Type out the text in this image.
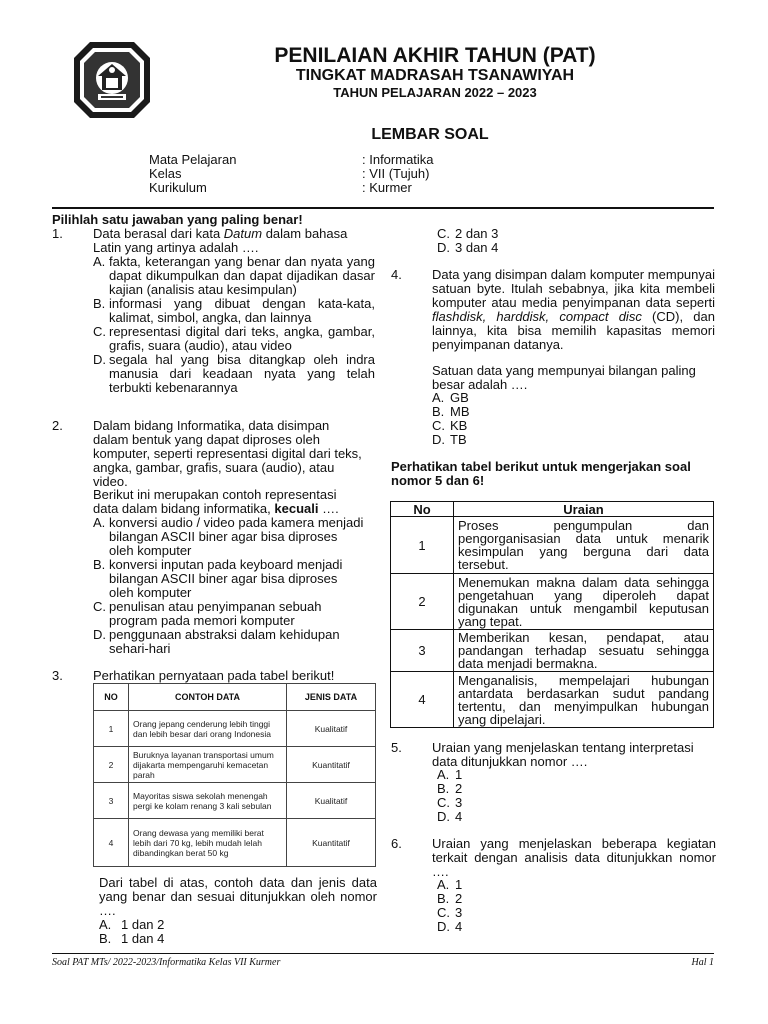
PENILAIAN AKHIR TAHUN (PAT)
TINGKAT MADRASAH TSANAWIYAH
TAHUN PELAJARAN 2022 – 2023
LEMBAR SOAL
Mata Pelajaran	: Informatika
Kelas	: VII (Tujuh)
Kurikulum	: Kurmer
Pilihlah satu jawaban yang paling benar!
1. Data berasal dari kata Datum dalam bahasa
Latin yang artinya adalah ….
A. fakta, keterangan yang benar dan nyata yang dapat dikumpulkan dan dapat dijadikan dasar kajian (analisis atau kesimpulan)
B. informasi yang dibuat dengan kata-kata, kalimat, simbol, angka, dan lainnya
C. representasi digital dari teks, angka, gambar, grafis, suara (audio), atau video
D. segala hal yang bisa ditangkap oleh indra manusia dari keadaan nyata yang telah terbukti kebenarannya
2. Dalam bidang Informatika, data disimpan dalam bentuk yang dapat diproses oleh komputer, seperti representasi digital dari teks, angka, gambar, grafis, suara (audio), atau video.
Berikut ini merupakan contoh representasi data dalam bidang informatika, kecuali ….
A. konversi audio / video pada kamera menjadi bilangan ASCII biner agar bisa diproses oleh komputer
B. konversi inputan pada keyboard menjadi bilangan ASCII biner agar bisa diproses oleh komputer
C. penulisan atau penyimpanan sebuah program pada memori komputer
D. penggunaan abstraksi dalam kehidupan sehari-hari
3. Perhatikan pernyataan pada tabel berikut!
NO	CONTOH DATA	JENIS DATA
1	Orang jepang cenderung lebih tinggi dan lebih besar dari orang Indonesia	Kualitatif
2	Buruknya layanan transportasi umum dijakarta mempengaruhi kemacetan parah	Kuantitatif
3	Mayoritas siswa sekolah menengah pergi ke kolam renang 3 kali sebulan	Kualitatif
4	Orang dewasa yang memiliki berat lebih dari 70 kg, lebih mudah lelah dibandingkan berat 50 kg	Kuantitatif
Dari tabel di atas, contoh data dan jenis data yang benar dan sesuai ditunjukkan oleh nomor ….
A. 1 dan 2
B. 1 dan 4
C. 2 dan 3
D. 3 dan 4
4. Data yang disimpan dalam komputer mempunyai satuan byte. Itulah sebabnya, jika kita membeli komputer atau media penyimpanan data seperti flashdisk, harddisk, compact disc (CD), dan lainnya, kita bisa memilih kapasitas memori penyimpanan datanya.
Satuan data yang mempunyai bilangan paling besar adalah ….
A. GB
B. MB
C. KB
D. TB
Perhatikan tabel berikut untuk mengerjakan soal nomor 5 dan 6!
No	Uraian
1	Proses pengumpulan dan pengorganisasian data untuk menarik kesimpulan yang berguna dari data tersebut.
2	Menemukan makna dalam data sehingga pengetahuan yang diperoleh dapat digunakan untuk mengambil keputusan yang tepat.
3	Memberikan kesan, pendapat, atau pandangan terhadap sesuatu sehingga data menjadi bermakna.
4	Menganalisis, mempelajari hubungan antardata berdasarkan sudut pandang tertentu, dan menyimpulkan hubungan yang dipelajari.
5. Uraian yang menjelaskan tentang interpretasi data ditunjukkan nomor ….
A. 1
B. 2
C. 3
D. 4
6. Uraian yang menjelaskan beberapa kegiatan terkait dengan analisis data ditunjukkan nomor ….
A. 1
B. 2
C. 3
D. 4
Soal PAT MTs/ 2022-2023/Informatika Kelas VII Kurmer	Hal 1
